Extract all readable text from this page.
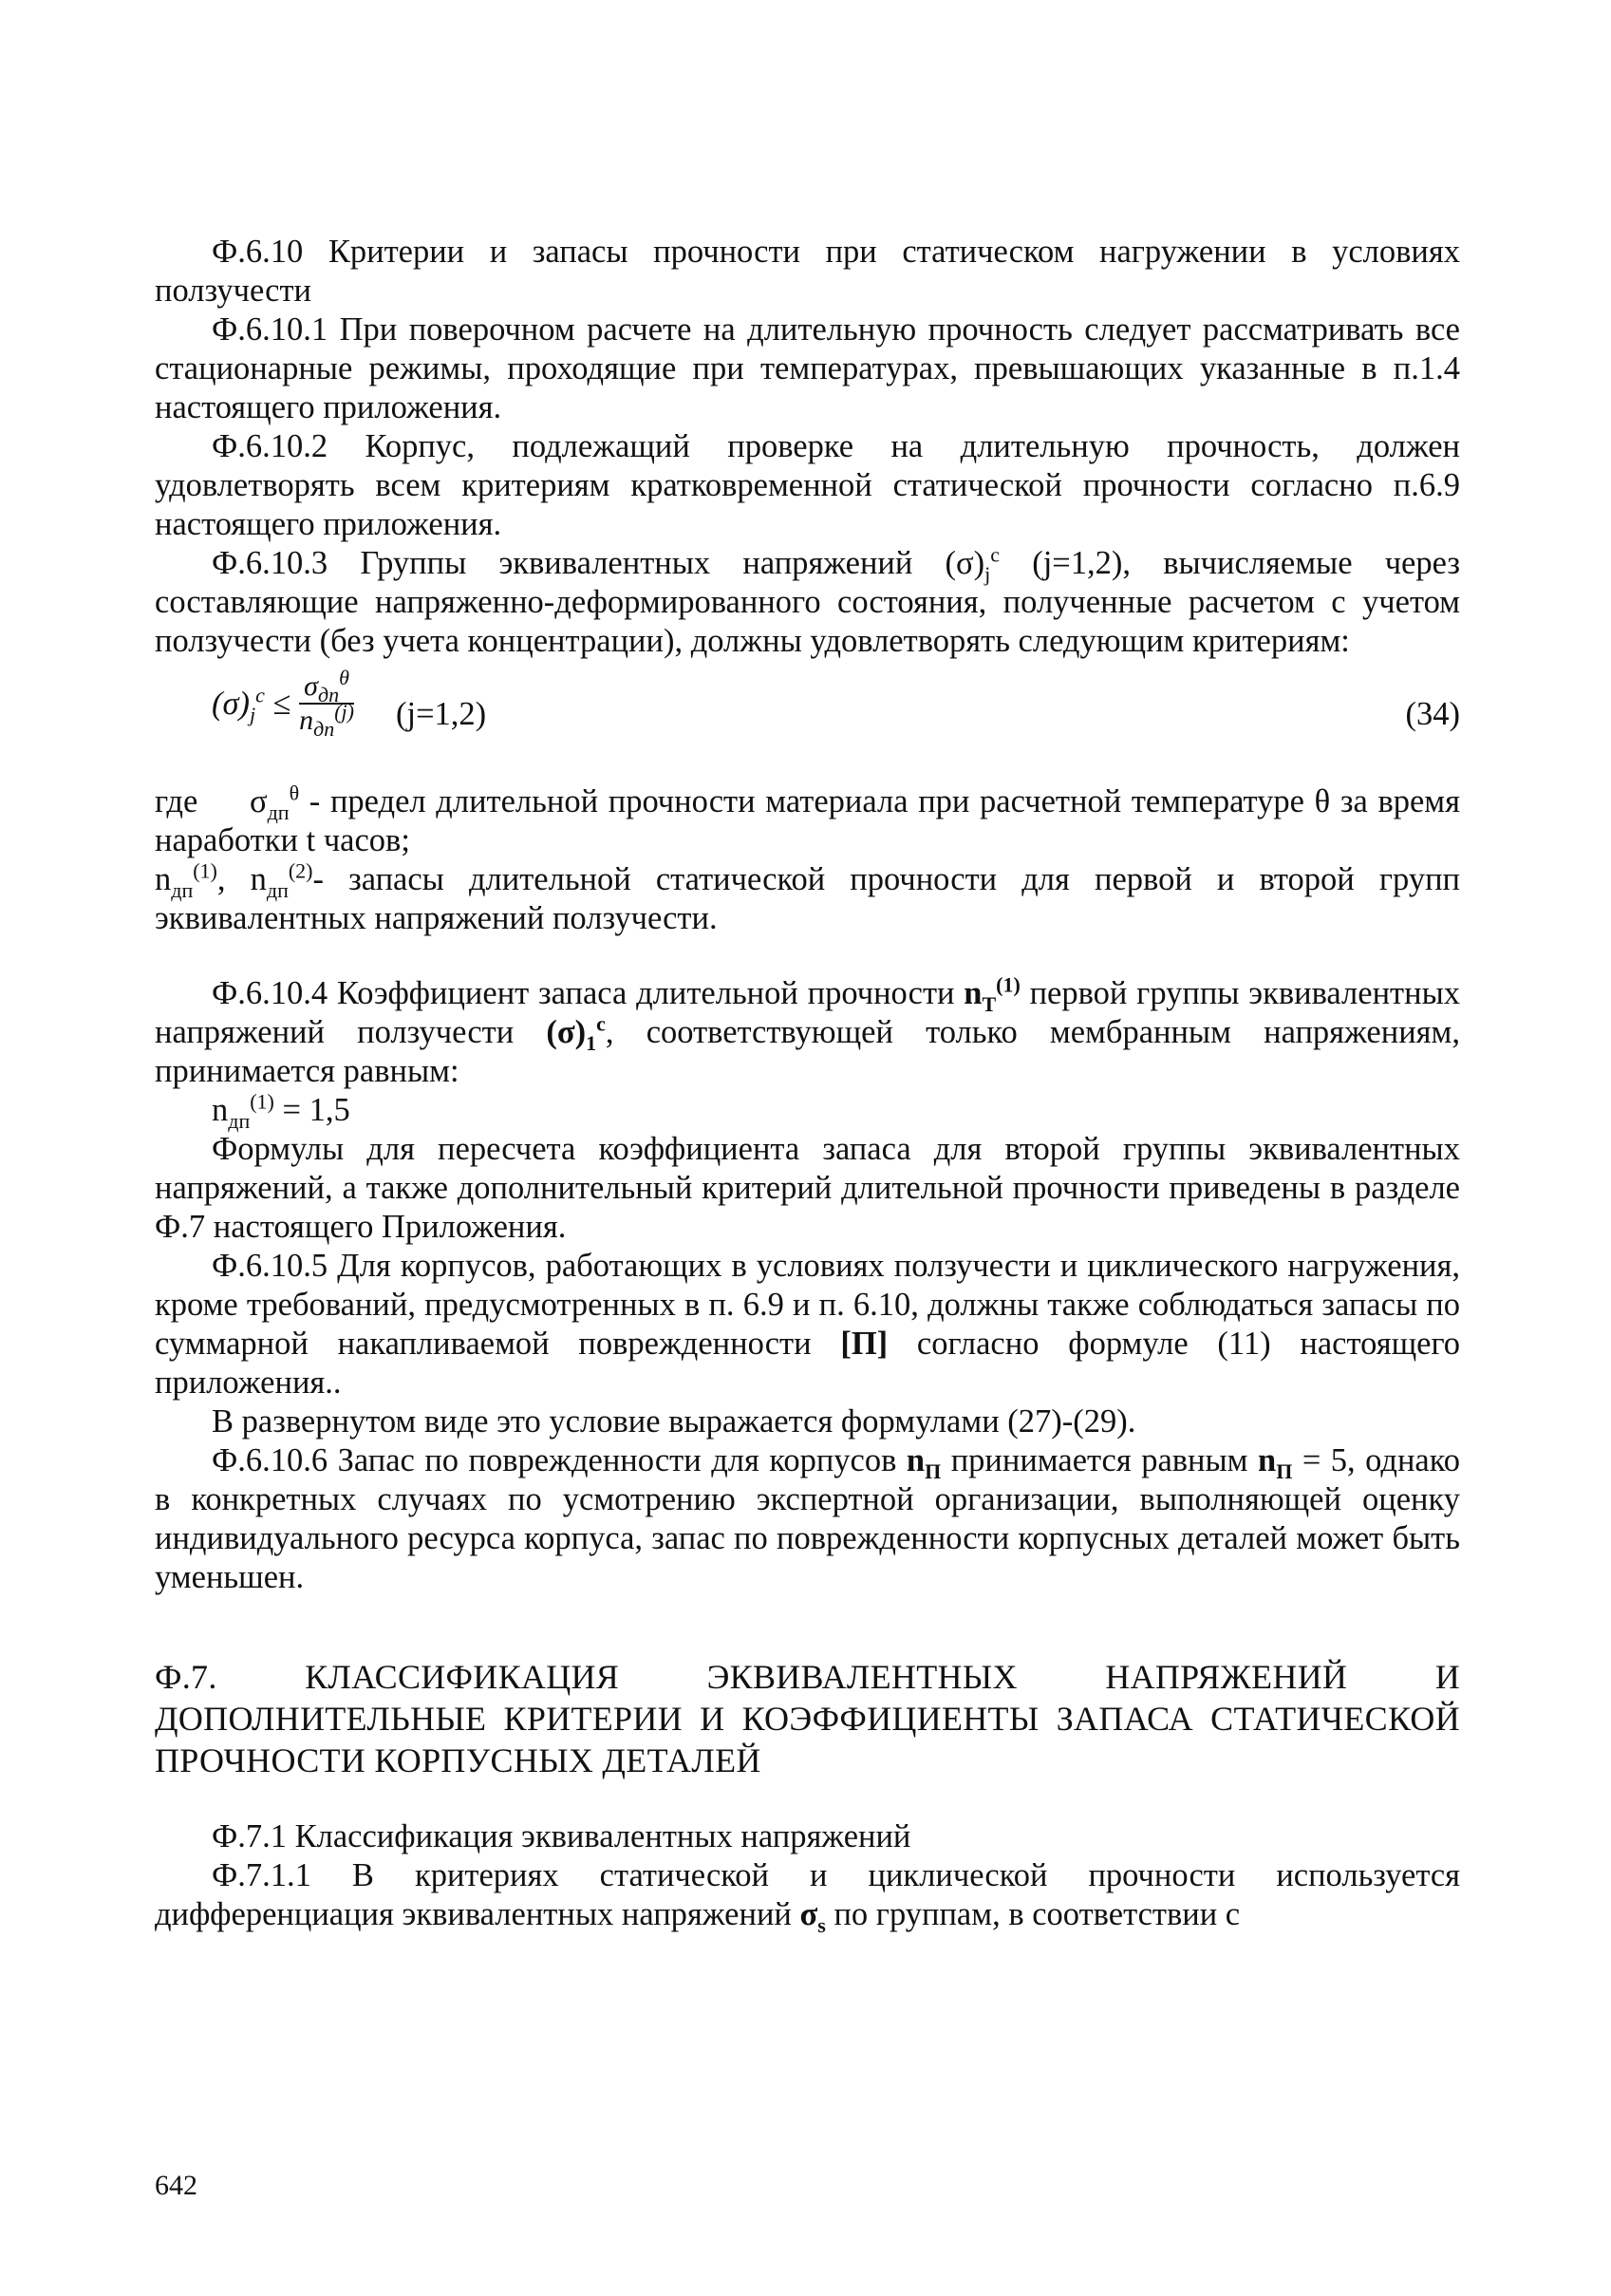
Ф.6.10 Критерии и запасы прочности при статическом нагружении в условиях ползучести

Ф.6.10.1 При поверочном расчете на длительную прочность следует рассматривать все стационарные режимы, проходящие при температурах, превышающих указанные в п.1.4 настоящего приложения.

Ф.6.10.2 Корпус, подлежащий проверке на длительную прочность, должен удовлетворять всем критериям кратковременной статической прочности согласно п.6.9 настоящего приложения.

Ф.6.10.3 Группы эквивалентных напряжений $(\sigma)_j^c$ (j=1,2), вычисляемые через составляющие напряженно-деформированного состояния, полученные расчетом с учетом ползучести (без учета концентрации), должны удовлетворять следующим критериям:

$(\sigma)_j^c \le \frac{\sigma_{дп}^\theta}{n_{дп}^{(j)}} (j=1,2)$	(34)

где $\sigma_{дп}^\theta$ - предел длительной прочности материала при расчетной температуре θ за время наработки t часов;

$n_{дп}^{(1)}$, $n_{дп}^{(2)}-$ запасы длительной статической прочности для первой и второй групп эквивалентных напряжений ползучести.

Ф.6.10.4 Коэффициент запаса длительной прочности $n_T^{(1)}$ первой группы эквивалентных напряжений ползучести $(\sigma)_1^c$, соответствующей только мембранным напряжениям, принимается равным:

$n_{дп}^{(1)} = 1,5$

Формулы для пересчета коэффициента запаса для второй группы эквивалентных напряжений, а также дополнительный критерий длительной прочности приведены в разделе Ф.7 настоящего Приложения.

Ф.6.10.5 Для корпусов, работающих в условиях ползучести и циклического нагружения, кроме требований, предусмотренных в п. 6.9 и п. 6.10, должны также соблюдаться запасы по суммарной накапливаемой поврежденности [П] согласно формуле (11) настоящего приложения..

В развернутом виде это условие выражается формулами (27)-(29).

Ф.6.10.6 Запас по поврежденности для корпусов $n_П$ принимается равным $n_П = 5$, однако в конкретных случаях по усмотрению экспертной организации, выполняющей оценку индивидуального ресурса корпуса, запас по поврежденности корпусных деталей может быть уменьшен.

Ф.7. КЛАССИФИКАЦИЯ ЭКВИВАЛЕНТНЫХ НАПРЯЖЕНИЙ И ДОПОЛНИТЕЛЬНЫЕ КРИТЕРИИ И КОЭФФИЦИЕНТЫ ЗАПАСА СТАТИЧЕСКОЙ ПРОЧНОСТИ КОРПУСНЫХ ДЕТАЛЕЙ

Ф.7.1 Классификация эквивалентных напряжений

Ф.7.1.1 В критериях статической и циклической прочности используется дифференциация эквивалентных напряжений $\sigma_s$ по группам, в соответствии с

642
